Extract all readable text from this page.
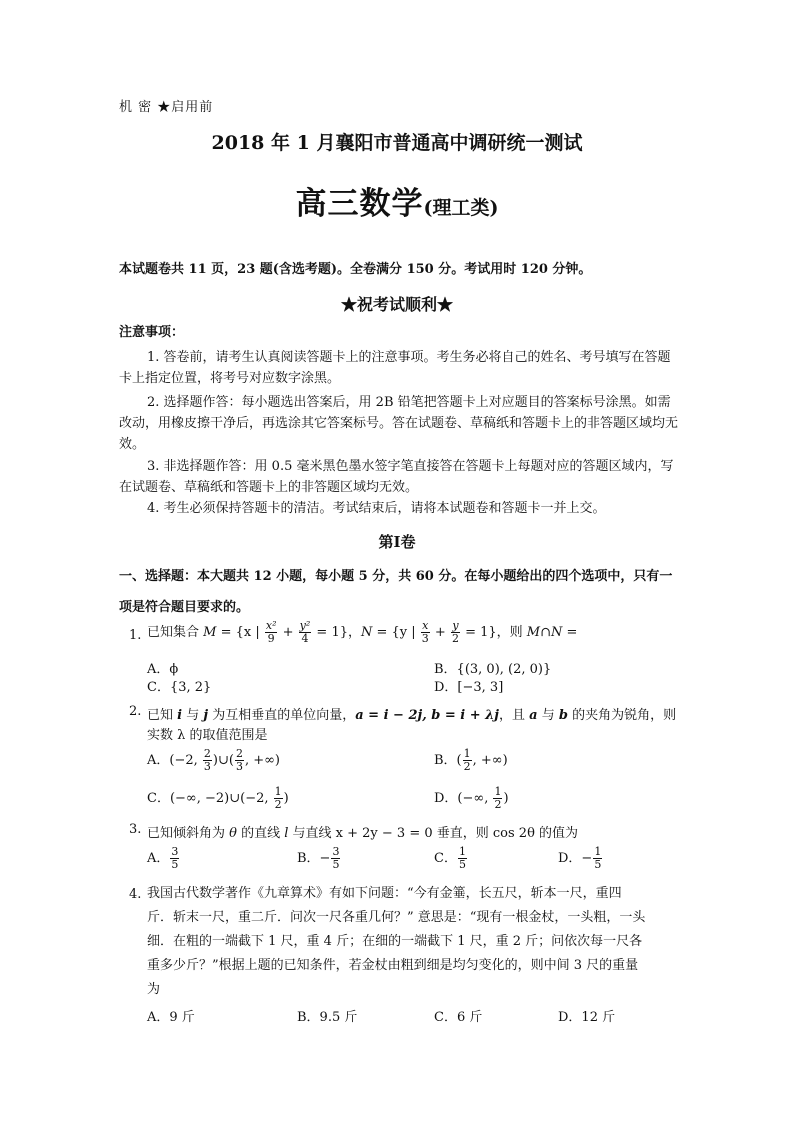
机 密 ★启用前
2018 年 1 月襄阳市普通高中调研统一测试
高三数学(理工类)
本试题卷共 11 页，23 题(含选考题)。全卷满分 150 分。考试用时 120 分钟。
★祝考试顺利★
注意事项：
1. 答卷前，请考生认真阅读答题卡上的注意事项。考生务必将自己的姓名、考号填写在答题卡上指定位置，将考号对应数字涂黑。
2. 选择题作答：每小题选出答案后，用 2B 铅笔把答题卡上对应题目的答案标号涂黑。如需改动，用橡皮擦干净后，再选涂其它答案标号。答在试题卷、草稿纸和答题卡上的非答题区域均无效。
3. 非选择题作答：用 0.5 毫米黑色墨水签字笔直接答在答题卡上每题对应的答题区域内，写在试题卷、草稿纸和答题卡上的非答题区域均无效。
4. 考生必须保持答题卡的清洁。考试结束后，请将本试题卷和答题卡一并上交。
第Ⅰ卷
一、选择题：本大题共 12 小题，每小题 5 分，共 60 分。在每小题给出的四个选项中，只有一项是符合题目要求的。
1. 已知集合 M = {x | $\frac{\text{x²}}{9} + \frac{\text{y²}}{4} = 1$}，N = {y | $\frac{x}{3} + \frac{y}{2} = 1$}，则 M∩N =
A．ϕ	B．{(3, 0), (2, 0)}
C．{3, 2}	D．[−3, 3]
2. 已知 i 与 j 为互相垂直的单位向量，a = i − 2j, b = i + λj，且 a 与 b 的夹角为锐角，则
实数 λ 的取值范围是
A．(−2, $\frac{2}{3}$ )∪( $\frac{2}{3}$ , +∞)	B．( $\frac{1}{2}$ , +∞)
C．(−∞, −2)∪(−2, $\frac{1}{2}$ )	D．(−∞, $\frac{1}{2}$ )
3. 已知倾斜角为 θ 的直线 l 与直线 x + 2y − 3 = 0 垂直，则 cos 2θ 的值为
A． $\frac{3}{5}$	B．− $\frac{3}{5}$	C． $\frac{1}{5}$	D．− $\frac{1}{5}$
4. 我国古代数学著作《九章算术》有如下问题：“今有金箠，长五尺，斩本一尺，重四斤．斩末一尺，重二斤．问次一尺各重几何？” 意思是：“现有一根金杖，一头粗，一头细．在粗的一端截下 1 尺，重 4 斤；在细的一端截下 1 尺，重 2 斤；问依次每一尺各重多少斤？”根据上题的已知条件，若金杖由粗到细是均匀变化的，则中间 3 尺的重量为
A．9 斤	B．9.5 斤	C．6 斤	D．12 斤
